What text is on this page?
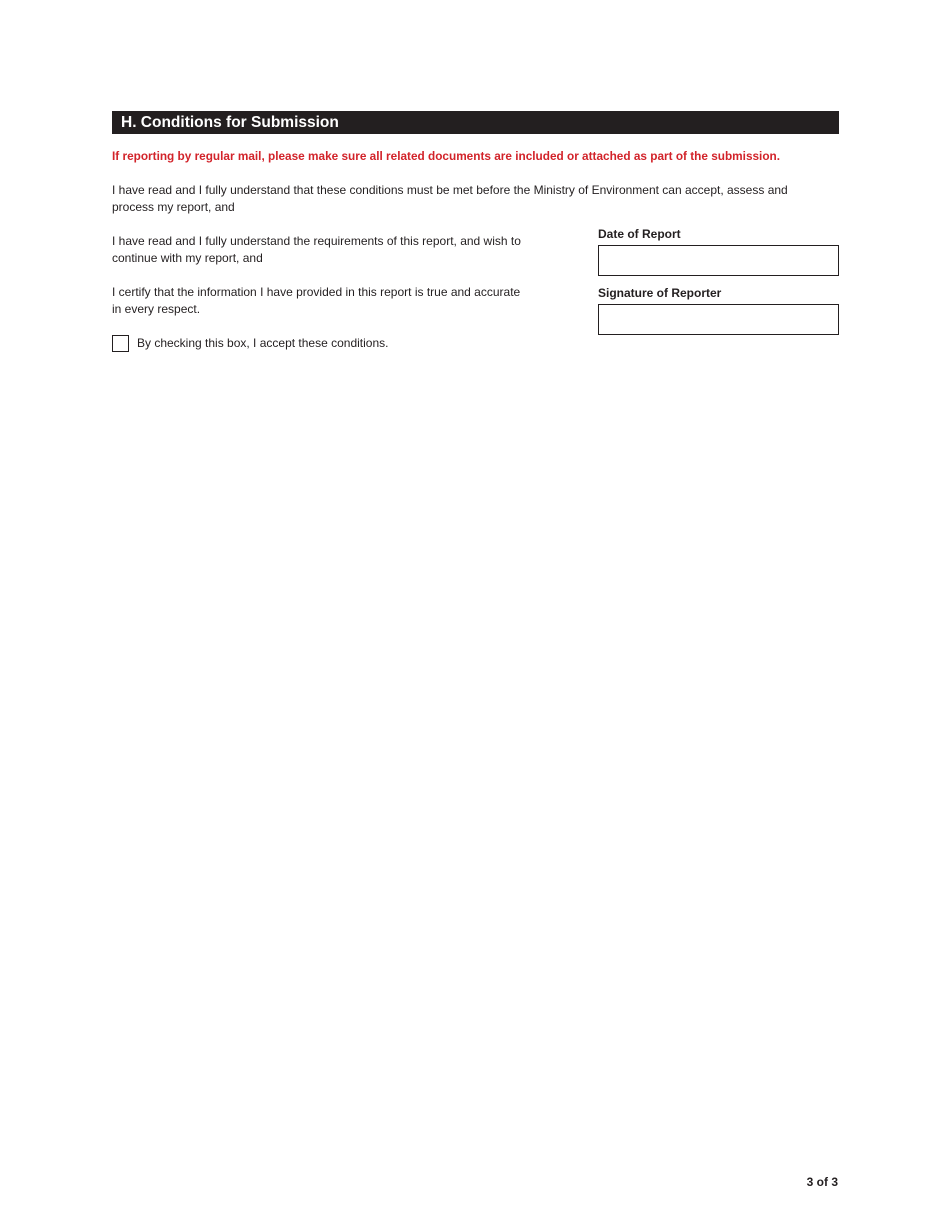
H. Conditions for Submission
If reporting by regular mail, please make sure all related documents are included or attached as part of the submission.
I have read and I fully understand that these conditions must be met before the Ministry of Environment can accept, assess and process my report, and
I have read and I fully understand the requirements of this report, and wish to continue with my report, and
I certify that the information I have provided in this report is true and accurate in every respect.
By checking this box, I accept these conditions.
Date of Report
Signature of Reporter
3 of 3
